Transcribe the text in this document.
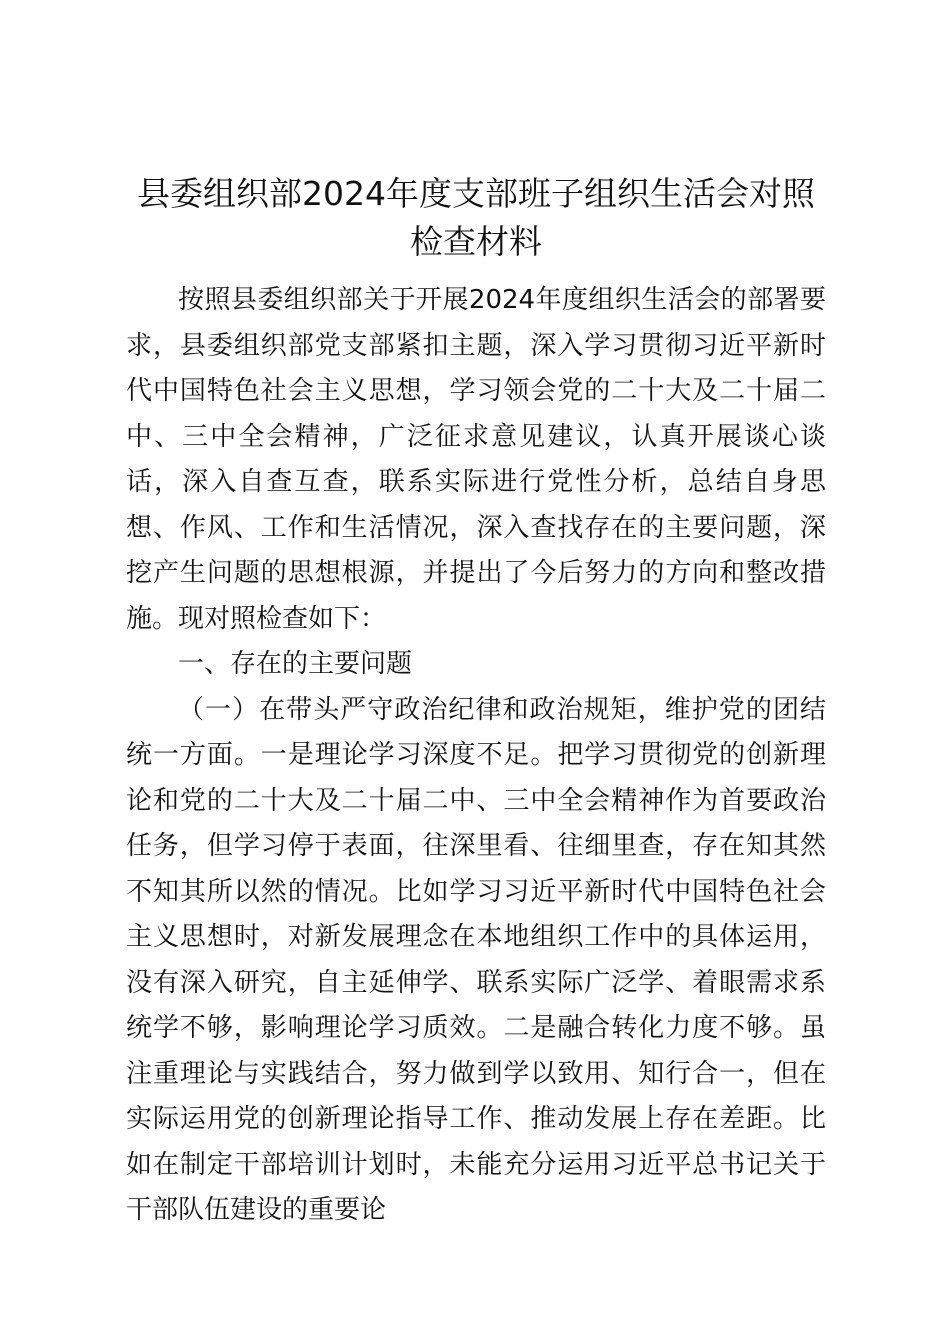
县委组织部2024年度支部班子组织生活会对照检查材料

按照县委组织部关于开展2024年度组织生活会的部署要求，县委组织部党支部紧扣主题，深入学习贯彻习近平新时代中国特色社会主义思想，学习领会党的二十大及二十届二中、三中全会精神，广泛征求意见建议，认真开展谈心谈话，深入自查互查，联系实际进行党性分析，总结自身思想、作风、工作和生活情况，深入查找存在的主要问题，深挖产生问题的思想根源，并提出了今后努力的方向和整改措施。现对照检查如下：

一、存在的主要问题

（一）在带头严守政治纪律和政治规矩，维护党的团结统一方面。一是理论学习深度不足。把学习贯彻党的创新理论和党的二十大及二十届二中、三中全会精神作为首要政治任务，但学习停于表面，往深里看、往细里查，存在知其然不知其所以然的情况。比如学习习近平新时代中国特色社会主义思想时，对新发展理念在本地组织工作中的具体运用，没有深入研究，自主延伸学、联系实际广泛学、着眼需求系统学不够，影响理论学习质效。二是融合转化力度不够。虽注重理论与实践结合，努力做到学以致用、知行合一，但在实际运用党的创新理论指导工作、推动发展上存在差距。比如在制定干部培训计划时，未能充分运用习近平总书记关于干部队伍建设的重要论
